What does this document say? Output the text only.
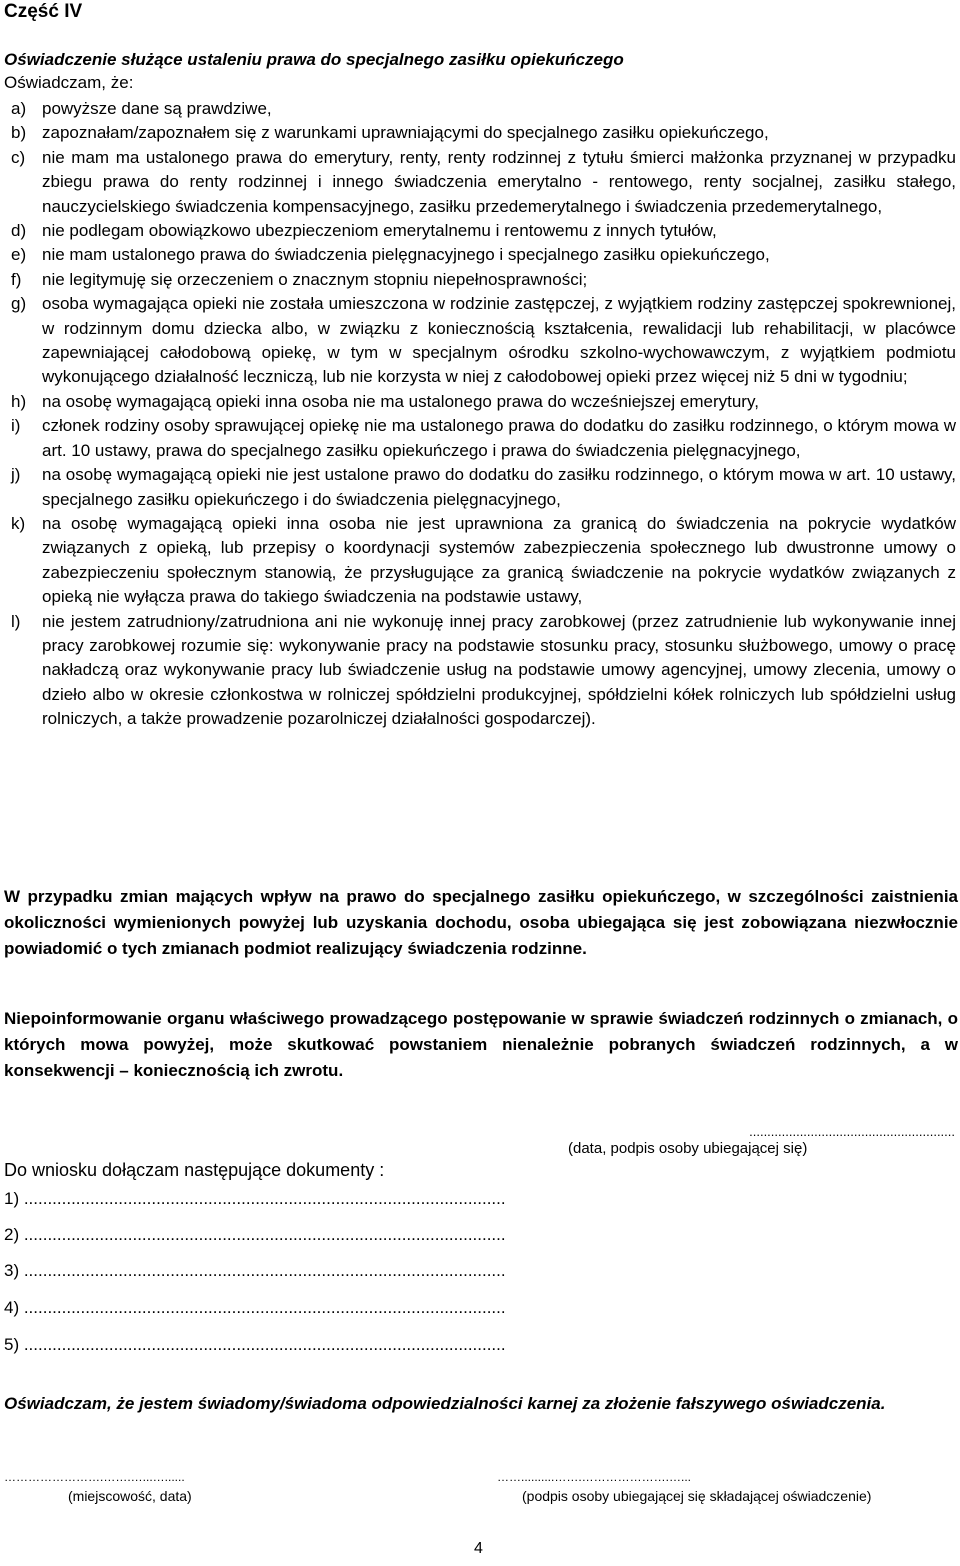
Część IV
Oświadczenie służące ustaleniu prawa do specjalnego zasiłku opiekuńczego
Oświadczam, że:
a) powyższe dane są prawdziwe,
b) zapoznałam/zapoznałem się z warunkami uprawniającymi do specjalnego zasiłku opiekuńczego,
c) nie mam ma ustalonego prawa do emerytury, renty, renty rodzinnej z tytułu śmierci małżonka przyznanej w przypadku zbiegu prawa do renty rodzinnej i innego świadczenia emerytalno - rentowego, renty socjalnej, zasiłku stałego, nauczycielskiego świadczenia kompensacyjnego, zasiłku przedemerytalnego i świadczenia przedemerytalnego,
d) nie podlegam obowiązkowo ubezpieczeniom emerytalnemu i rentowemu z innych tytułów,
e) nie mam ustalonego prawa do świadczenia pielęgnacyjnego i specjalnego zasiłku opiekuńczego,
f)	nie legitymuję się orzeczeniem o znacznym stopniu niepełnosprawności;
g) osoba wymagająca opieki nie została umieszczona w rodzinie zastępczej, z wyjątkiem rodziny zastępczej spokrewnionej, w rodzinnym domu dziecka albo, w związku z koniecznością kształcenia, rewalidacji lub rehabilitacji, w placówce zapewniającej całodobową opiekę, w tym w specjalnym ośrodku szkolno-wychowawczym, z wyjątkiem podmiotu wykonującego działalność leczniczą, lub nie korzysta w niej z całodobowej opieki przez więcej niż 5 dni w tygodniu;
h) na osobę wymagającą opieki inna osoba nie ma ustalonego prawa do wcześniejszej emerytury,
i)	członek rodziny osoby sprawującej opiekę nie ma ustalonego prawa do dodatku do zasiłku rodzinnego, o którym mowa w art. 10 ustawy, prawa do specjalnego zasiłku opiekuńczego i prawa do świadczenia pielęgnacyjnego,
j)	na osobę wymagającą opieki nie jest ustalone prawo do dodatku do zasiłku rodzinnego, o którym mowa w art. 10 ustawy, specjalnego zasiłku opiekuńczego i do świadczenia pielęgnacyjnego,
k) na osobę wymagającą opieki inna osoba nie jest uprawniona za granicą do świadczenia na pokrycie wydatków związanych z opieką, lub przepisy o koordynacji systemów zabezpieczenia społecznego lub dwustronne umowy o zabezpieczeniu społecznym stanowią, że przysługujące za granicą świadczenie na pokrycie wydatków związanych z opieką nie wyłącza prawa do takiego świadczenia na podstawie ustawy,
l)	nie jestem zatrudniony/zatrudniona ani nie wykonuję innej pracy zarobkowej (przez zatrudnienie lub wykonywanie innej pracy zarobkowej rozumie się: wykonywanie pracy na podstawie stosunku pracy, stosunku służbowego, umowy o pracę nakładczą oraz wykonywanie pracy lub świadczenie usług na podstawie umowy agencyjnej, umowy zlecenia, umowy o dzieło albo w okresie członkostwa w rolniczej spółdzielni produkcyjnej, spółdzielni kółek rolniczych lub spółdzielni usług rolniczych, a także prowadzenie pozarolniczej działalności gospodarczej).
W przypadku zmian mających wpływ na prawo do specjalnego zasiłku opiekuńczego, w szczególności zaistnienia okoliczności wymienionych powyżej lub uzyskania dochodu, osoba ubiegająca się jest zobowiązana niezwłocznie powiadomić o tych zmianach podmiot realizujący świadczenia rodzinne.
Niepoinformowanie organu właściwego prowadzącego postępowanie w sprawie świadczeń rodzinnych o zmianach, o których mowa powyżej, może skutkować powstaniem nienależnie pobranych świadczeń rodzinnych, a w konsekwencji – koniecznością ich zwrotu.
.........................................................
(data, podpis osoby ubiegającej się)
Do wniosku dołączam następujące dokumenty :
1) ......................................................................................................
2) ......................................................................................................
3) ......................................................................................................
4) ......................................................................................................
5) ......................................................................................................
Oświadczam, że jestem świadomy/świadoma odpowiedzialności karnej za złożenie fałszywego oświadczenia.
…………………….…….…...…......
(miejscowość, data)
……..........…….………………….…...
(podpis osoby ubiegającej się składającej oświadczenie)
4
